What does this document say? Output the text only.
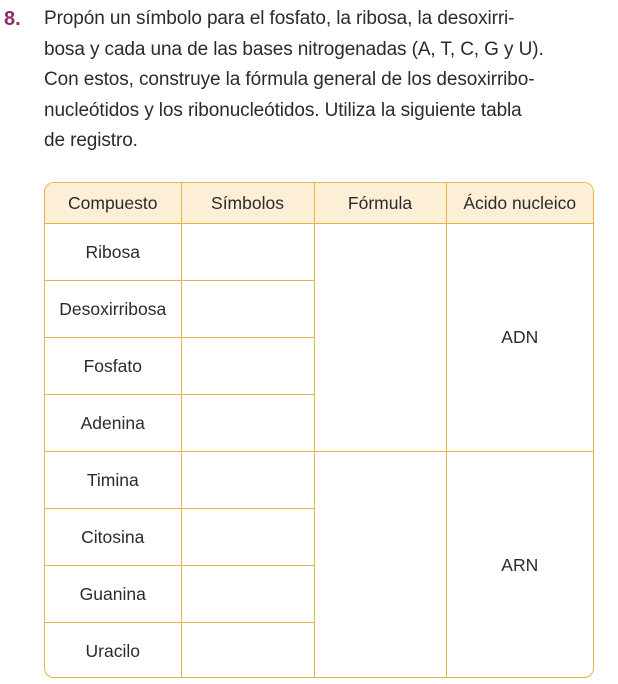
8. Propón un símbolo para el fosfato, la ribosa, la desoxirri-
bosa y cada una de las bases nitrogenadas (A, T, C, G y U).
Con estos, construye la fórmula general de los desoxirribo-
nucleótidos y los ribonucleótidos. Utiliza la siguiente tabla
de registro.
Compuesto	Símbolos	Fórmula	Ácido nucleico
Ribosa			ADN
Desoxirribosa			
Fosfato			
Adenina			
Timina			ARN
Citosina			
Guanina			
Uracilo			
